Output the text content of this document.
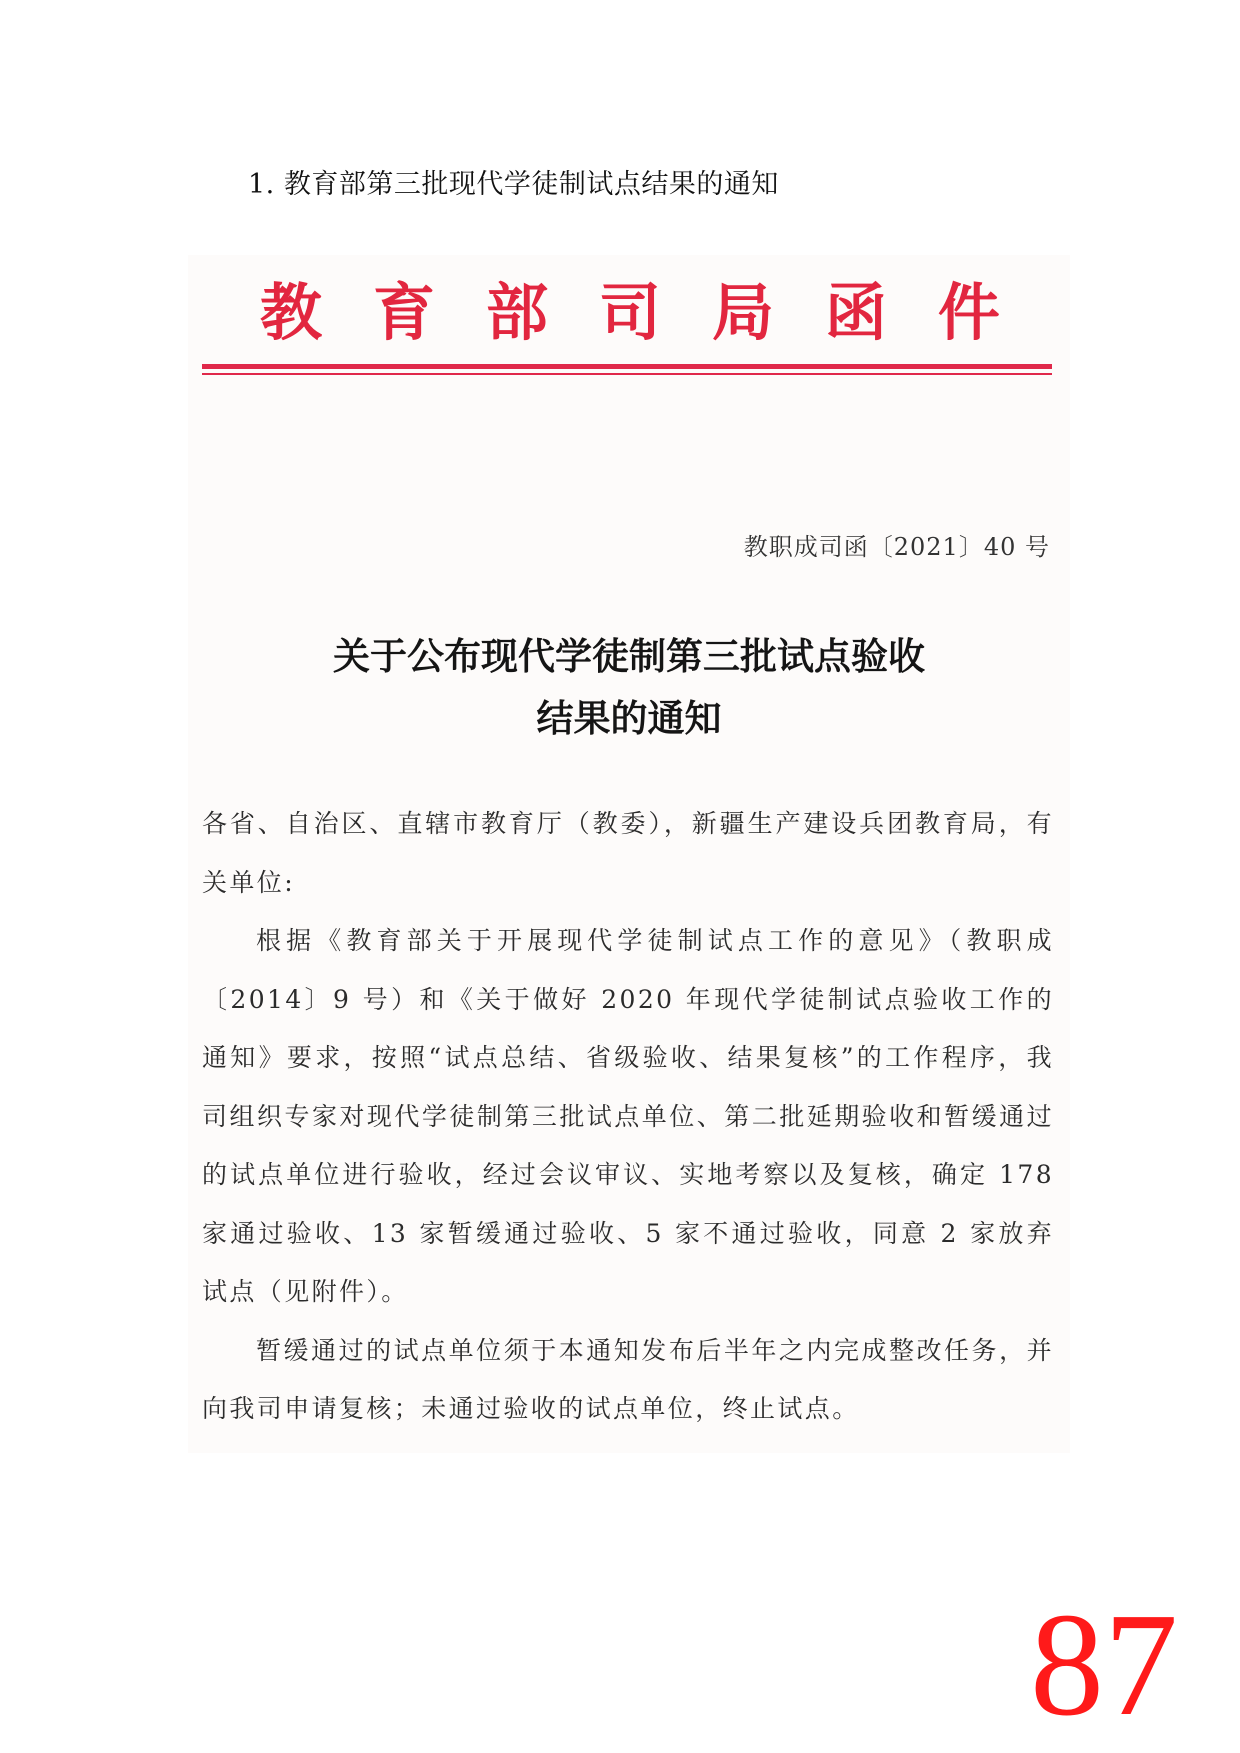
1. 教育部第三批现代学徒制试点结果的通知
教 育 部 司 局 函 件
教职成司函〔2021〕40 号
关于公布现代学徒制第三批试点验收
结果的通知

各省、自治区、直辖市教育厅（教委），新疆生产建设兵团教育局，有关单位:

根据《教育部关于开展现代学徒制试点工作的意见》（教职成〔2014〕9 号）和《关于做好 2020 年现代学徒制试点验收工作的通知》要求，按照“试点总结、省级验收、结果复核”的工作程序，我司组织专家对现代学徒制第三批试点单位、第二批延期验收和暂缓通过的试点单位进行验收，经过会议审议、实地考察以及复核，确定 178 家通过验收、13 家暂缓通过验收、5 家不通过验收，同意 2 家放弃试点（见附件）。

暂缓通过的试点单位须于本通知发布后半年之内完成整改任务，并向我司申请复核；未通过验收的试点单位，终止试点。

87
